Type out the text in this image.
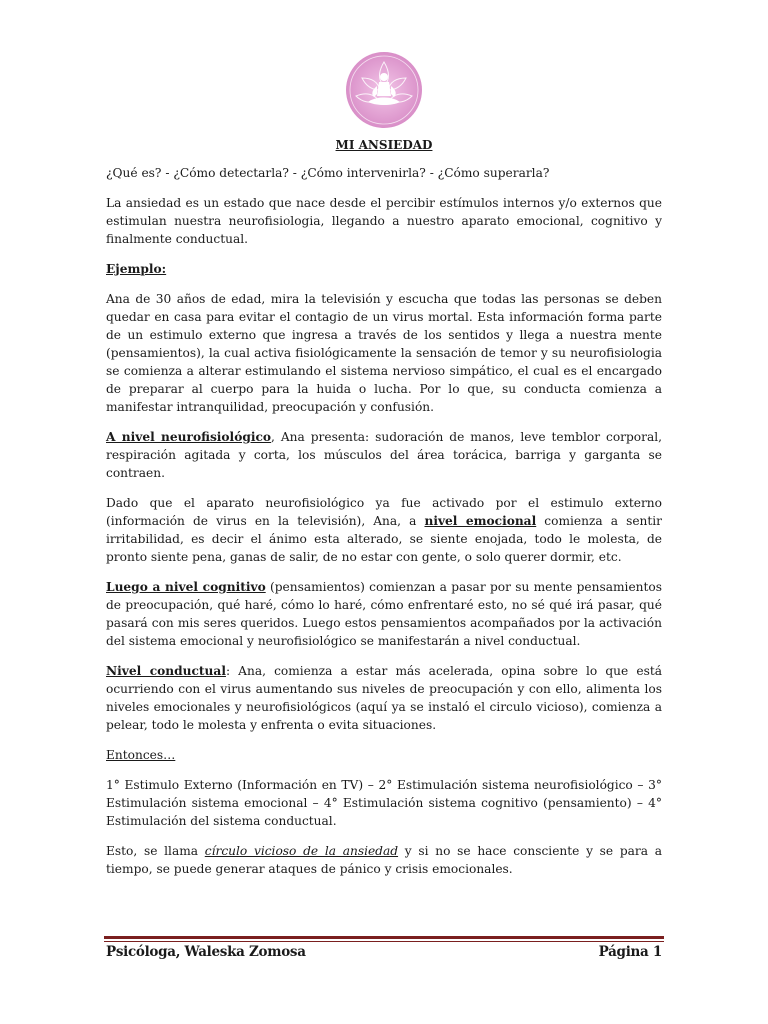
MI ANSIEDAD

¿Qué es? - ¿Cómo detectarla? - ¿Cómo intervenirla? - ¿Cómo superarla?

La ansiedad es un estado que nace desde el percibir estímulos internos y/o externos que estimulan nuestra neurofisiologia, llegando a nuestro aparato emocional, cognitivo y finalmente conductual.

Ejemplo:

Ana de 30 años de edad, mira la televisión y escucha que todas las personas se deben quedar en casa para evitar el contagio de un virus mortal. Esta información forma parte de un estimulo externo que ingresa a través de los sentidos y llega a nuestra mente (pensamientos), la cual activa fisiológicamente la sensación de temor y su neurofisiologia se comienza a alterar estimulando el sistema nervioso simpático, el cual es el encargado de preparar al cuerpo para la huida o lucha. Por lo que, su conducta comienza a manifestar intranquilidad, preocupación y confusión.

A nivel neurofisiológico, Ana presenta: sudoración de manos, leve temblor corporal, respiración agitada y corta, los músculos del área torácica, barriga y garganta se contraen.

Dado que el aparato neurofisiológico ya fue activado por el estimulo externo (información de virus en la televisión), Ana, a nivel emocional comienza a sentir irritabilidad, es decir el ánimo esta alterado, se siente enojada, todo le molesta, de pronto siente pena, ganas de salir, de no estar con gente, o solo querer dormir, etc.

Luego a nivel cognitivo (pensamientos) comienzan a pasar por su mente pensamientos de preocupación, qué haré, cómo lo haré, cómo enfrentaré esto, no sé qué irá pasar, qué pasará con mis seres queridos. Luego estos pensamientos acompañados por la activación del sistema emocional y neurofisiológico se manifestarán a nivel conductual.

Nivel conductual: Ana, comienza a estar más acelerada, opina sobre lo que está ocurriendo con el virus aumentando sus niveles de preocupación y con ello, alimenta los niveles emocionales y neurofisiológicos (aquí ya se instaló el circulo vicioso), comienza a pelear, todo le molesta y enfrenta o evita situaciones.

Entonces…

1° Estimulo Externo (Información en TV) – 2° Estimulación sistema neurofisiológico – 3° Estimulación sistema emocional – 4° Estimulación sistema cognitivo (pensamiento) – 4° Estimulación del sistema conductual.

Esto, se llama círculo vicioso de la ansiedad y si no se hace consciente y se para a tiempo, se puede generar ataques de pánico y crisis emocionales.

Psicóloga, Waleska Zomosa	Página 1
